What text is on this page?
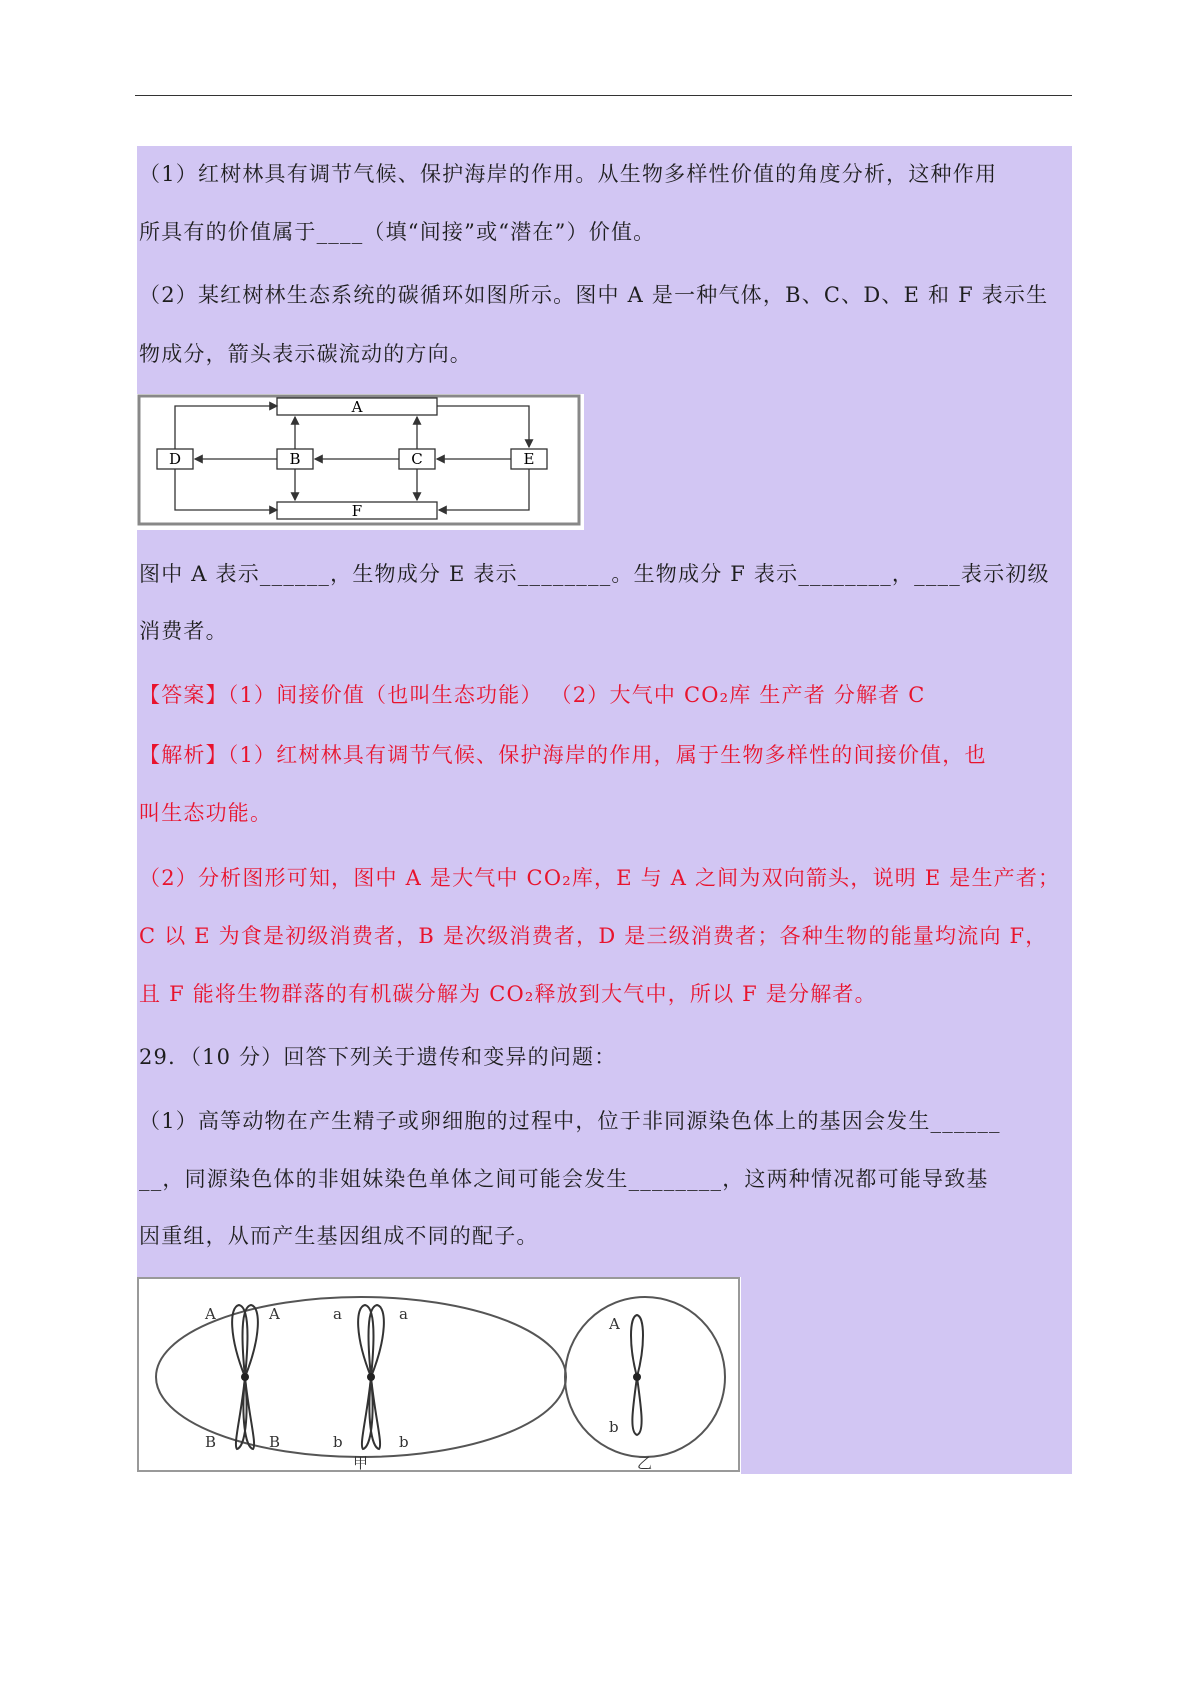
（1）红树林具有调节气候、保护海岸的作用。从生物多样性价值的角度分析，这种作用
所具有的价值属于____（填“间接”或“潜在”）价值。
（2）某红树林生态系统的碳循环如图所示。图中 A 是一种气体，B、C、D、E 和 F 表示生
物成分，箭头表示碳流动的方向。
A
B	C
D	E
F
图中 A 表示______，生物成分 E 表示________。生物成分 F 表示________，____表示初级
消费者。
【答案】（1）间接价值（也叫生态功能） （2）大气中 CO₂库 生产者 分解者 C
【解析】（1）红树林具有调节气候、保护海岸的作用，属于生物多样性的间接价值，也
叫生态功能。
（2）分析图形可知，图中 A 是大气中 CO₂库，E 与 A 之间为双向箭头，说明 E 是生产者；
C 以 E 为食是初级消费者，B 是次级消费者，D 是三级消费者；各种生物的能量均流向 F，
且 F 能将生物群落的有机碳分解为 CO₂释放到大气中，所以 F 是分解者。
29．（10 分）回答下列关于遗传和变异的问题：
（1）高等动物在产生精子或卵细胞的过程中，位于非同源染色体上的基因会发生______
__，同源染色体的非姐妹染色单体之间可能会发生________，这两种情况都可能导致基
因重组，从而产生基因组成不同的配子。
A	A	a	a
B	B	b	b
A
b
甲	乙
